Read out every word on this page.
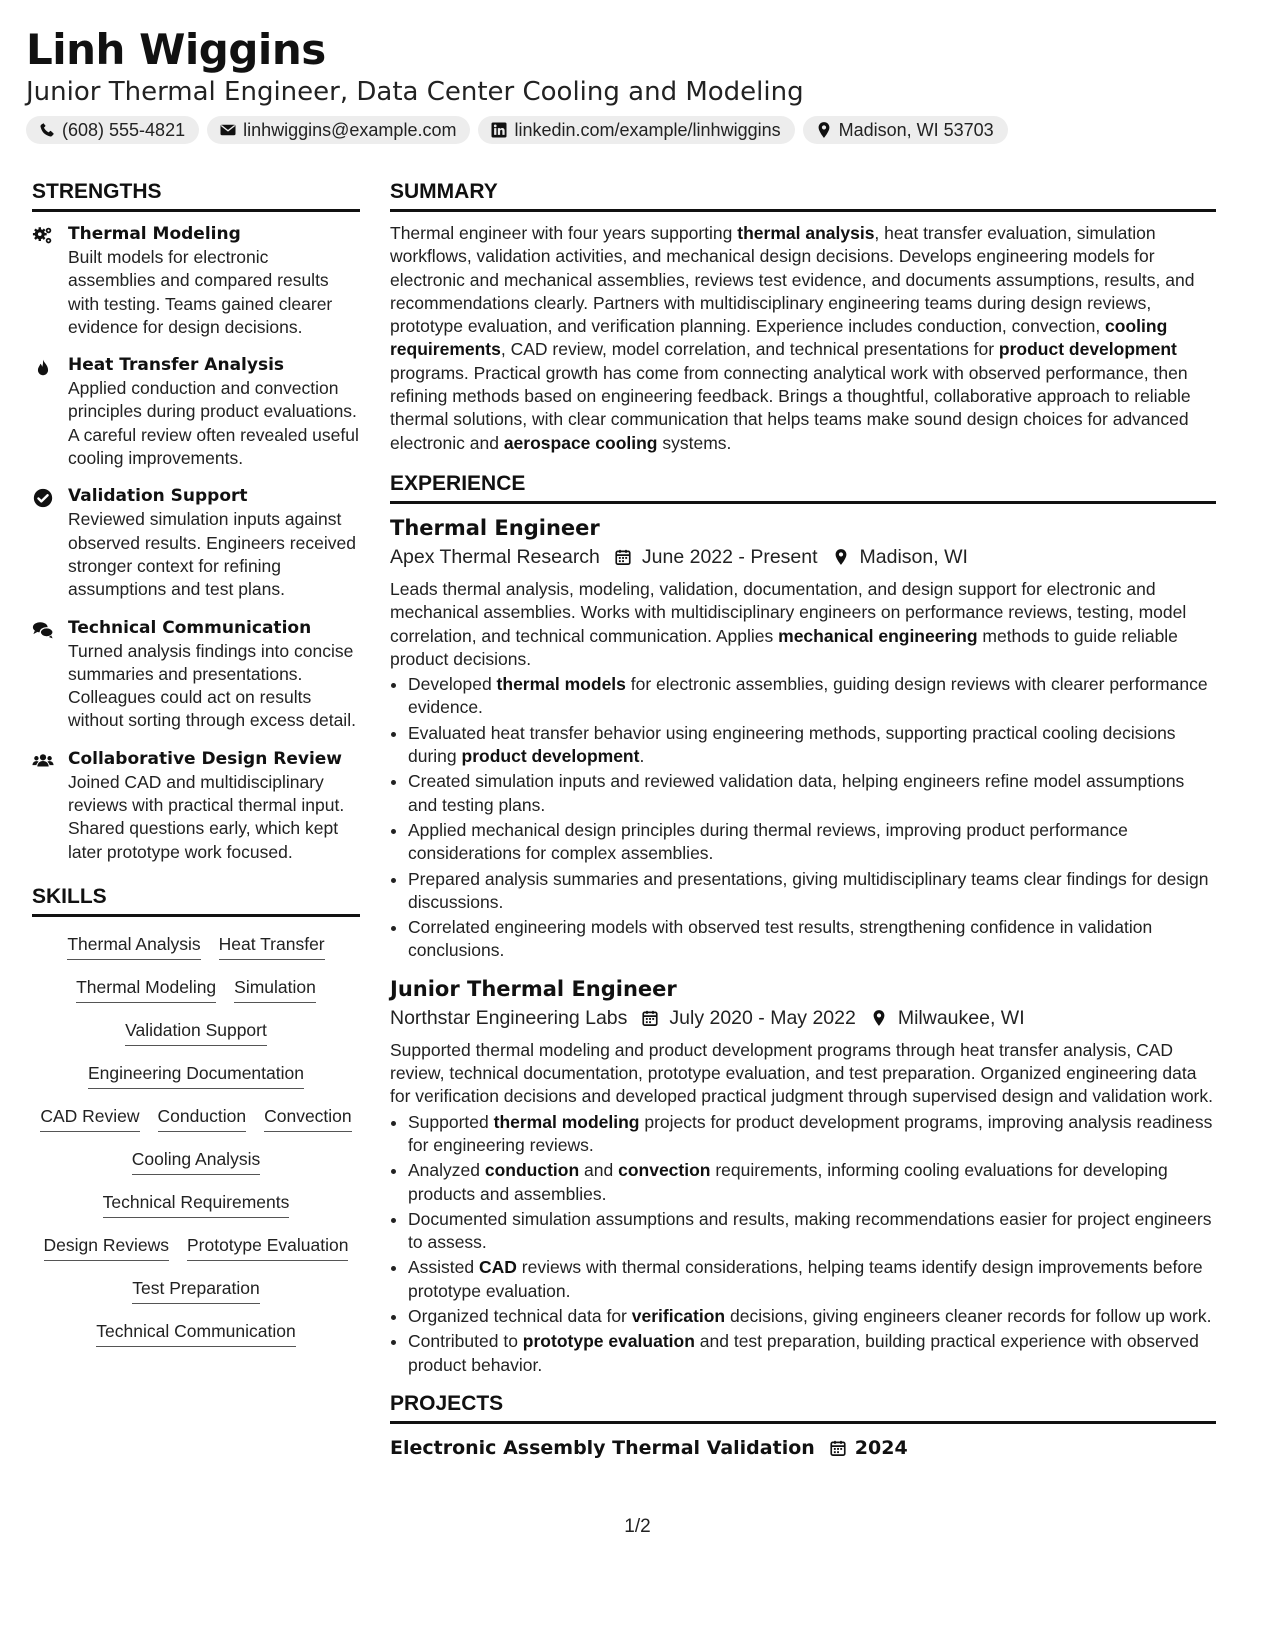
Linh Wiggins
Junior Thermal Engineer, Data Center Cooling and Modeling
(608) 555-4821	linhwiggins@example.com	linkedin.com/example/linhwiggins	Madison, WI 53703
STRENGTHS
Thermal Modeling
Built models for electronic assemblies and compared results with testing. Teams gained clearer evidence for design decisions.
Heat Transfer Analysis
Applied conduction and convection principles during product evaluations. A careful review often revealed useful cooling improvements.
Validation Support
Reviewed simulation inputs against observed results. Engineers received stronger context for refining assumptions and test plans.
Technical Communication
Turned analysis findings into concise summaries and presentations. Colleagues could act on results without sorting through excess detail.
Collaborative Design Review
Joined CAD and multidisciplinary reviews with practical thermal input. Shared questions early, which kept later prototype work focused.
SKILLS
Thermal Analysis Heat Transfer
Thermal Modeling Simulation
Validation Support
Engineering Documentation
CAD Review Conduction Convection
Cooling Analysis
Technical Requirements
Design Reviews Prototype Evaluation
Test Preparation
Technical Communication
SUMMARY

Thermal engineer with four years supporting thermal analysis, heat transfer evaluation, simulation workflows, validation activities, and mechanical design decisions. Develops engineering models for electronic and mechanical assemblies, reviews test evidence, and documents assumptions, results, and recommendations clearly. Partners with multidisciplinary engineering teams during design reviews, prototype evaluation, and verification planning. Experience includes conduction, convection, cooling requirements, CAD review, model correlation, and technical presentations for product development programs. Practical growth has come from connecting analytical work with observed performance, then refining methods based on engineering feedback. Brings a thoughtful, collaborative approach to reliable thermal solutions, with clear communication that helps teams make sound design choices for advanced electronic and aerospace cooling systems.

EXPERIENCE
Thermal Engineer
Apex Thermal Research June 2022 - Present Madison, WI

Leads thermal analysis, modeling, validation, documentation, and design support for electronic and mechanical assemblies. Works with multidisciplinary engineers on performance reviews, testing, model correlation, and technical communication. Applies mechanical engineering methods to guide reliable product decisions.

• Developed thermal models for electronic assemblies, guiding design reviews with clearer performance evidence.
• Evaluated heat transfer behavior using engineering methods, supporting practical cooling decisions during product development.
• Created simulation inputs and reviewed validation data, helping engineers refine model assumptions and testing plans.
• Applied mechanical design principles during thermal reviews, improving product performance considerations for complex assemblies.
• Prepared analysis summaries and presentations, giving multidisciplinary teams clear findings for design discussions.
• Correlated engineering models with observed test results, strengthening confidence in validation conclusions.
Junior Thermal Engineer
Northstar Engineering Labs July 2020 - May 2022 Milwaukee, WI

Supported thermal modeling and product development programs through heat transfer analysis, CAD review, technical documentation, prototype evaluation, and test preparation. Organized engineering data for verification decisions and developed practical judgment through supervised design and validation work.

• Supported thermal modeling projects for product development programs, improving analysis readiness for engineering reviews.
• Analyzed conduction and convection requirements, informing cooling evaluations for developing products and assemblies.
• Documented simulation assumptions and results, making recommendations easier for project engineers to assess.
• Assisted CAD reviews with thermal considerations, helping teams identify design improvements before prototype evaluation.
• Organized technical data for verification decisions, giving engineers cleaner records for follow up work.
• Contributed to prototype evaluation and test preparation, building practical experience with observed product behavior.
PROJECTS
Electronic Assembly Thermal Validation 2024
1/2
